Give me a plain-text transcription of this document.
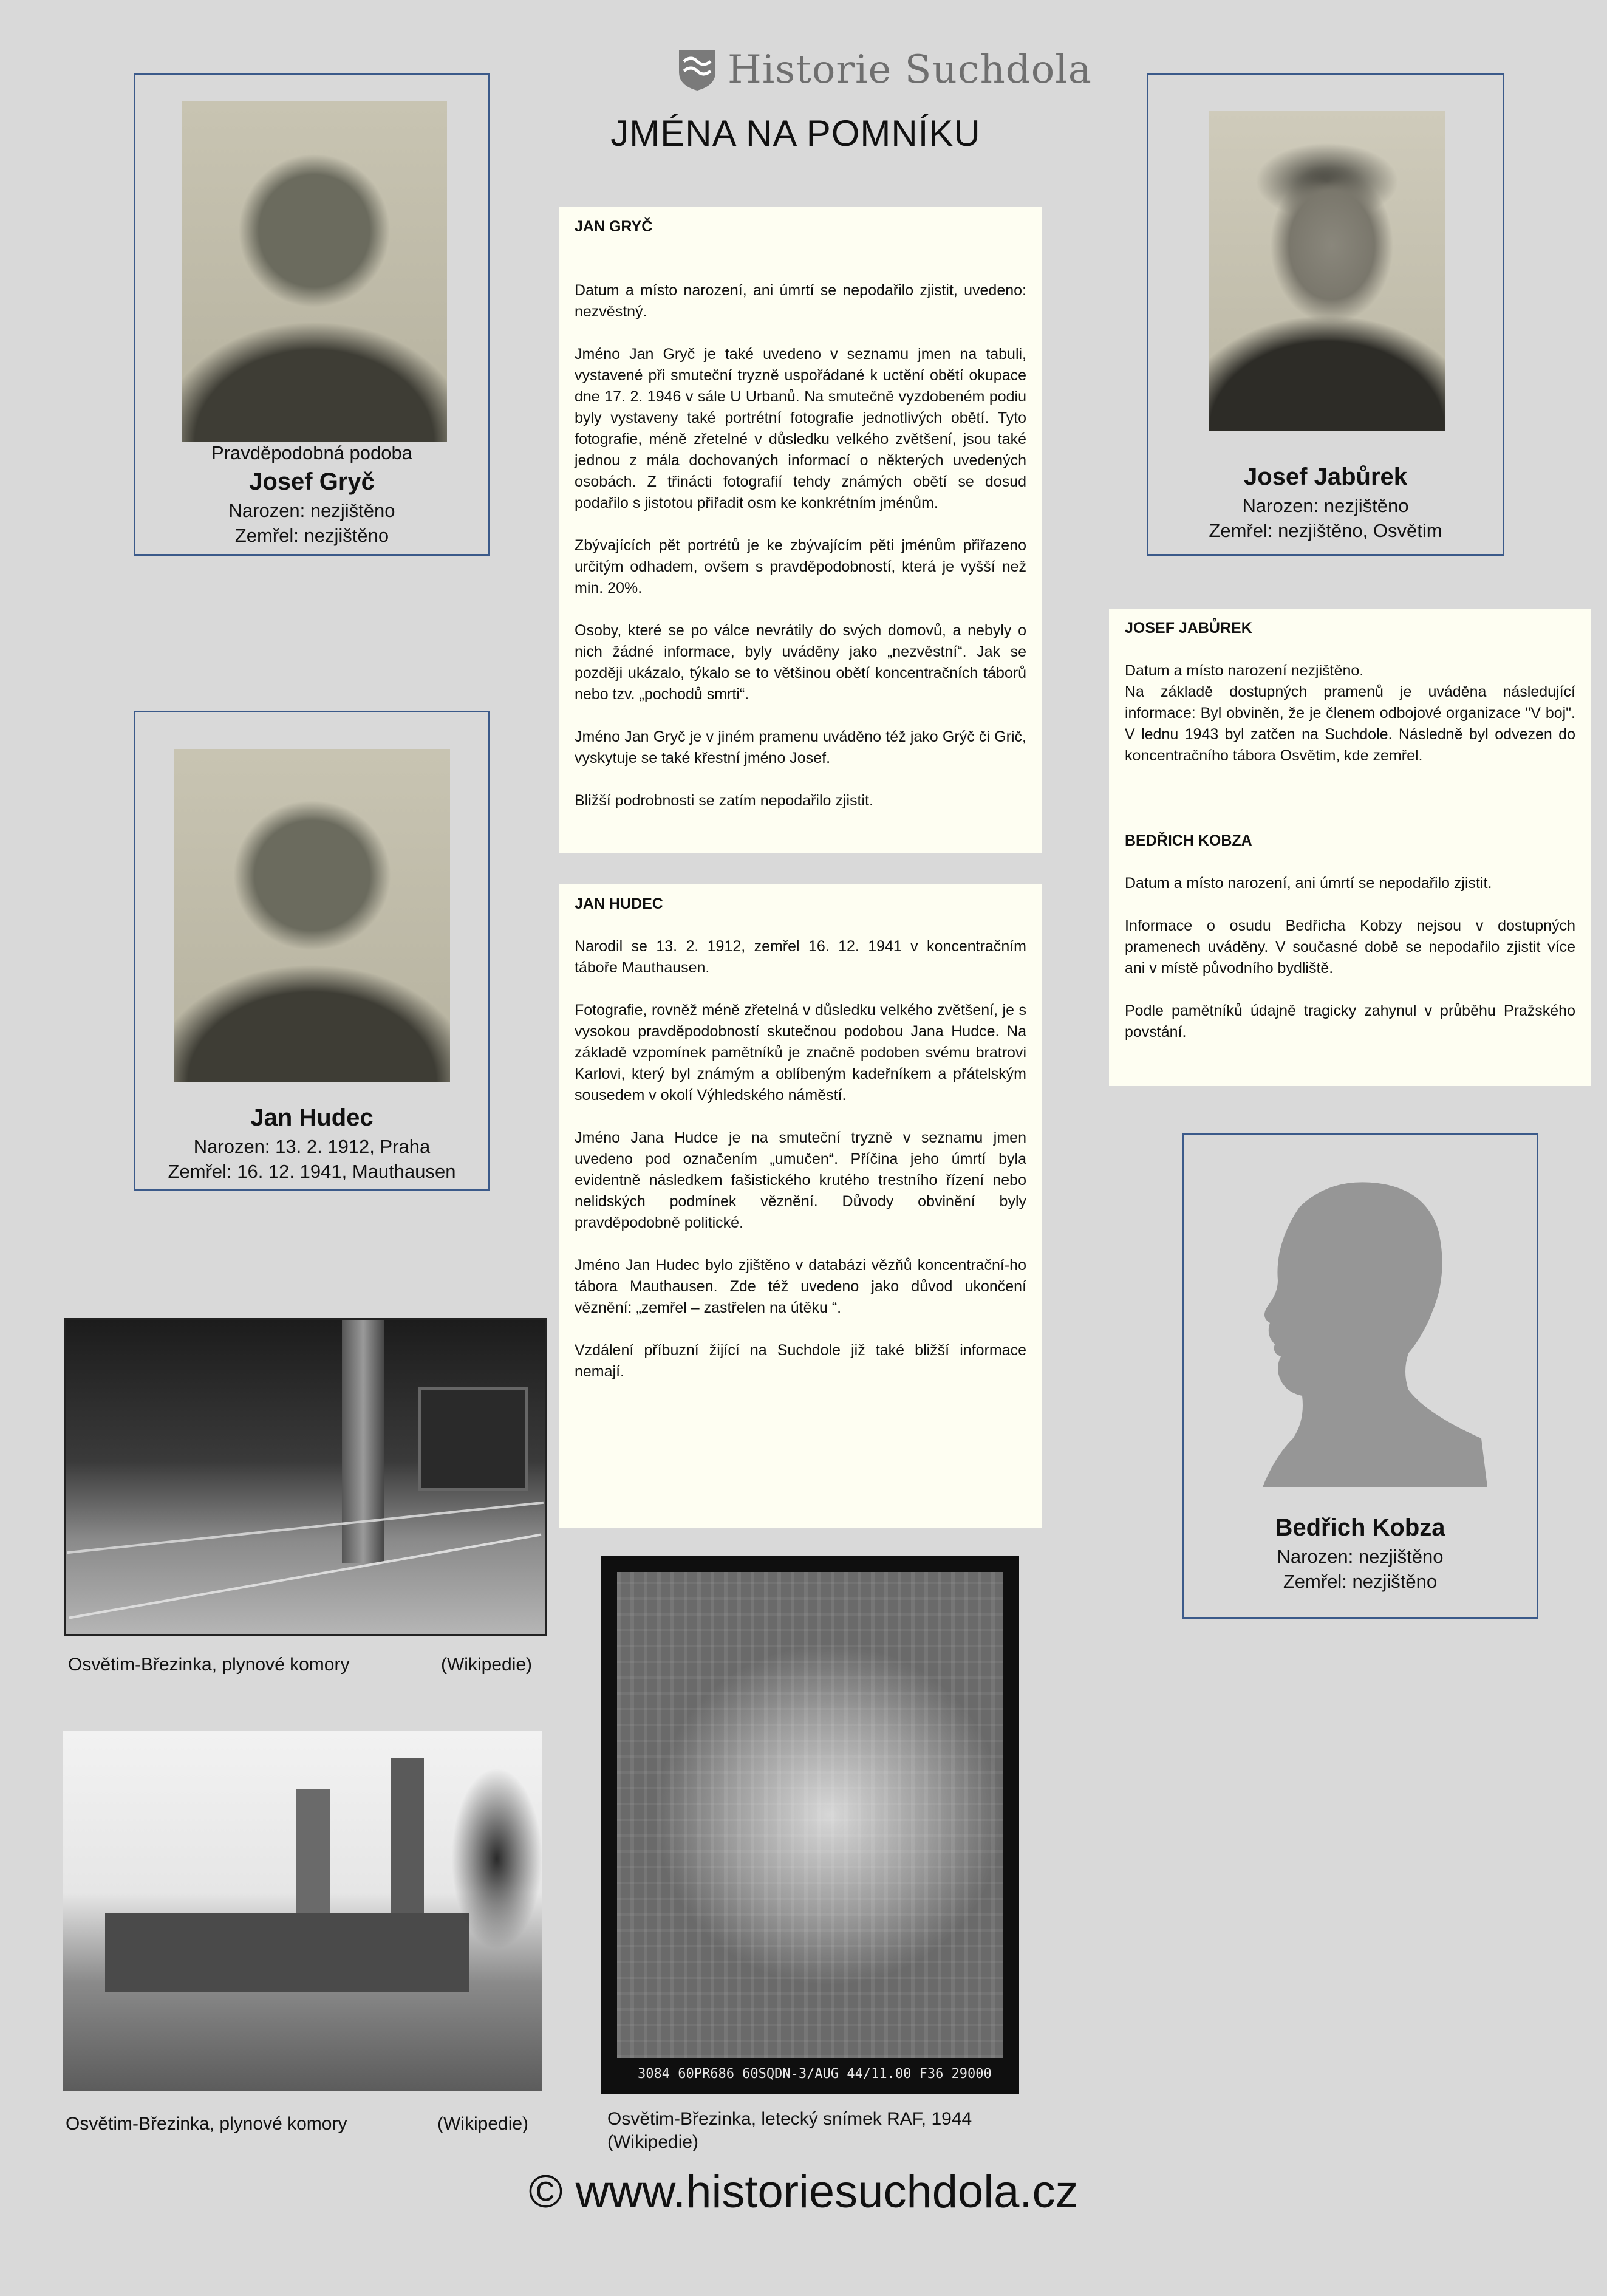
Historie Suchdola
JMÉNA NA POMNÍKU
Pravděpodobná podoba
Josef Gryč
Narozen: nezjištěno
Zemřel: nezjištěno
Josef Jabůrek
Narozen: nezjištěno
Zemřel: nezjištěno, Osvětim
Jan Hudec
Narozen: 13. 2. 1912, Praha
Zemřel: 16. 12. 1941, Mauthausen
Bedřich Kobza
Narozen: nezjištěno
Zemřel: nezjištěno
JAN GRYČ

Datum a místo narození, ani úmrtí se nepodařilo zjistit, uvedeno: nezvěstný.

Jméno Jan Gryč je také uvedeno v seznamu jmen na tabuli, vystavené při smuteční tryzně uspořádané k uctění obětí okupace dne 17. 2. 1946 v sále U Urbanů. Na smutečně vyzdobeném podiu byly vystaveny také portrétní fotografie jednotlivých obětí. Tyto fotografie, méně zřetelné v důsledku velkého zvětšení, jsou také jednou z mála dochovaných informací o některých uvedených osobách. Z třinácti fotografií tehdy známých obětí se dosud podařilo s jistotou přiřadit osm ke konkrétním jménům.

Zbývajících pět portrétů je ke zbývajícím pěti jménům přiřazeno určitým odhadem, ovšem s pravděpodobností, která je vyšší než min. 20%.

Osoby, které se po válce nevrátily do svých domovů, a nebyly o nich žádné informace, byly uváděny jako „nezvěstní“. Jak se později ukázalo, týkalo se to většinou obětí koncentračních táborů nebo tzv. „pochodů smrti“.

Jméno Jan Gryč je v jiném pramenu uváděno též jako Grýč či Grič, vyskytuje se také křestní jméno Josef.

Bližší podrobnosti se zatím nepodařilo zjistit.

JAN HUDEC

Narodil se 13. 2. 1912, zemřel 16. 12. 1941 v koncentračním táboře Mauthausen.

Fotografie, rovněž méně zřetelná v důsledku velkého zvětšení, je s vysokou pravděpodobností skutečnou podobou Jana Hudce. Na základě vzpomínek pamětníků je značně podoben svému bratrovi Karlovi, který byl známým a oblíbeným kadeřníkem a přátelským sousedem v okolí Výhledského náměstí.

Jméno Jana Hudce je na smuteční tryzně v seznamu jmen uvedeno pod označením „umučen“. Příčina jeho úmrtí byla evidentně následkem fašistického krutého trestního řízení nebo nelidských podmínek věznění. Důvody obvinění byly pravděpodobně politické.

Jméno Jan Hudec bylo zjištěno v databázi vězňů koncentrační-ho tábora Mauthausen. Zde též uvedeno jako důvod ukončení věznění: „zemřel – zastřelen na útěku “.

Vzdálení příbuzní žijící na Suchdole již také bližší informace nemají.

JOSEF JABŮREK
Datum a místo narození nezjištěno.

Na základě dostupných pramenů je uváděna následující informace: Byl obviněn, že je členem odbojové organizace "V boj". V lednu 1943 byl zatčen na Suchdole. Následně byl odvezen do koncentračního tábora Osvětim, kde zemřel.

BEDŘICH KOBZA

Datum a místo narození, ani úmrtí se nepodařilo zjistit.

Informace o osudu Bedřicha Kobzy nejsou v dostupných pramenech uváděny. V současné době se nepodařilo zjistit více ani v místě původního bydliště.

Podle pamětníků údajně tragicky zahynul v průběhu Pražského povstání.

Osvětim-Březinka, plynové komory	(Wikipedie)
Osvětim-Březinka, plynové komory	(Wikipedie)
3084 60PR686 60SQDN-3/AUG 44/11.00 F36 29000
Osvětim-Březinka, letecký snímek RAF, 1944
(Wikipedie)
© www.historiesuchdola.cz
